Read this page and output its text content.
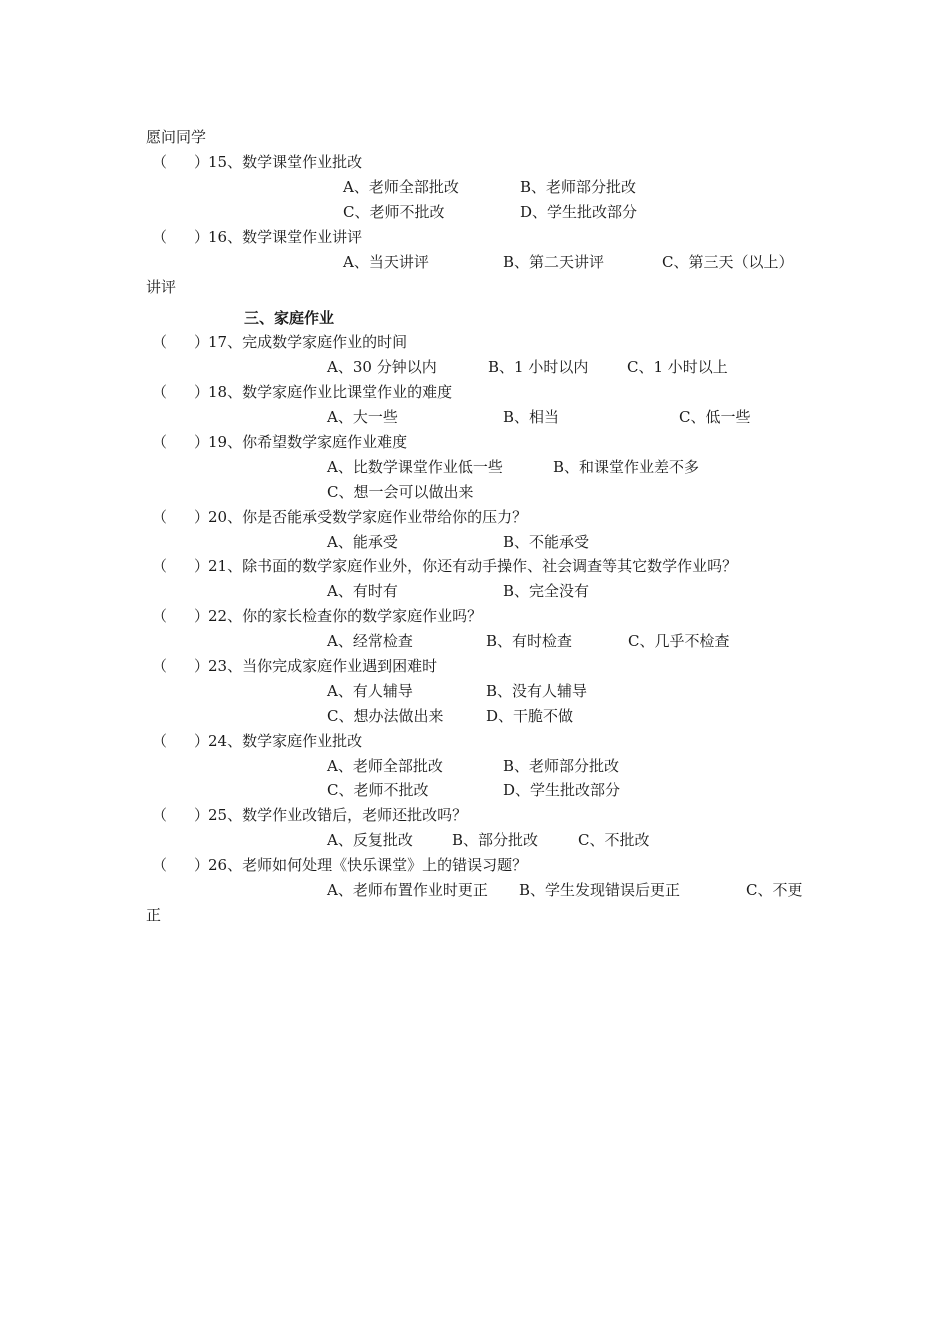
愿问同学
（ ）
15、数学课堂作业批改
A、老师全部批改	B、老师部分批改
C、老师不批改	D、学生批改部分
（ ）
16、数学课堂作业讲评
A、当天讲评	B、第二天讲评	C、第三天（以上）
讲评
三、家庭作业
（ ）
17、完成数学家庭作业的时间
A、30 分钟以内	B、1 小时以内	C、1 小时以上
（ ）
18、数学家庭作业比课堂作业的难度
A、大一些	B、相当	C、低一些
（ ）
19、你希望数学家庭作业难度
A、比数学课堂作业低一些	B、和课堂作业差不多
C、想一会可以做出来
（ ）
20、你是否能承受数学家庭作业带给你的压力？
A、能承受	B、不能承受
（ ）
21、除书面的数学家庭作业外，你还有动手操作、社会调查等其它数学作业吗？
A、有时有	B、完全没有
（ ）
22、你的家长检查你的数学家庭作业吗？
A、经常检查	B、有时检查	C、几乎不检查
（ ）
23、当你完成家庭作业遇到困难时
A、有人辅导	B、没有人辅导
C、想办法做出来	D、干脆不做
（ ）
24、数学家庭作业批改
A、老师全部批改	B、老师部分批改
C、老师不批改	D、学生批改部分
（ ）
25、数学作业改错后，老师还批改吗？
A、反复批改	B、部分批改	C、不批改
（ ）
26、老师如何处理《快乐课堂》上的错误习题？
A、老师布置作业时更正 B、学生发现错误后更正	C、不更
正
